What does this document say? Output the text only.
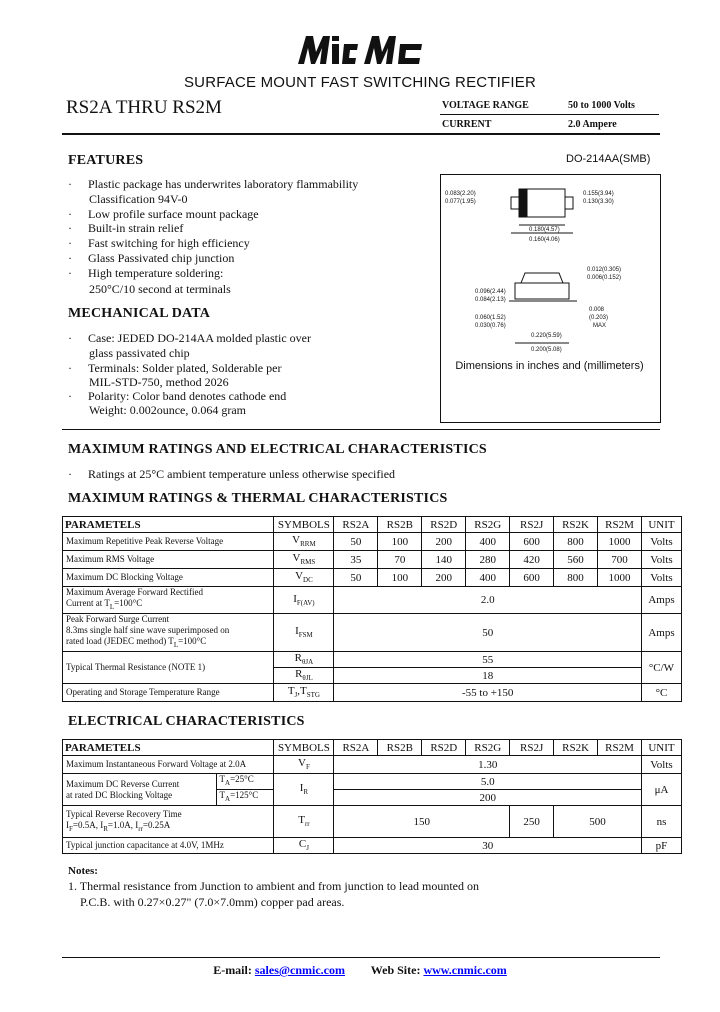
SURFACE MOUNT FAST SWITCHING RECTIFIER
RS2A THRU RS2M	VOLTAGE RANGE	50 to 1000 Volts
CURRENT	2.0 Ampere
FEATURES
· Plastic package has underwrites laboratory flammability
Classification 94V-0
· Low profile surface mount package
· Built-in strain relief
· Fast switching for high efficiency
· Glass Passivated chip junction
· High temperature soldering:
250°C/10 second at terminals
MECHANICAL DATA
· Case: JEDED DO-214AA molded plastic over
glass passivated chip
· Terminals: Solder plated, Solderable per
MIL-STD-750, method 2026
· Polarity: Color band denotes cathode end
Weight: 0.002ounce, 0.064 gram
DO-214AA(SMB)
0.083(2.20)
0.077(1.95)
0.155(3.94)
0.130(3.30)
0.180(4.57)
0.160(4.06)
0.012(0.305)
0.006(0.152)
0.096(2.44)
0.084(2.13)
0.060(1.52)
0.030(0.76)
0.008
(0.203)
MAX
0.220(5.59)
0.200(5.08)
Dimensions in inches and (millimeters)
MAXIMUM RATINGS AND ELECTRICAL CHARACTERISTICS
· Ratings at 25°C ambient temperature unless otherwise specified
MAXIMUM RATINGS & THERMAL CHARACTERISTICS
PARAMETELS	SYMBOLS	RS2A	RS2B	RS2D	RS2G	RS2J	RS2K	RS2M	UNIT
Maximum Repetitive Peak Reverse Voltage	$V_{RRM}$	50	100	200	400	600	800	1000	Volts
Maximum RMS Voltage	$V_{RMS}$	35	70	140	280	420	560	700	Volts
Maximum DC Blocking Voltage	$V_{DC}$	50	100	200	400	600	800	1000	Volts
Maximum Average Forward Rectified
Current at $T_L=100^\circ C$	$I_{F(AV)}$	2.0							Amps
Peak Forward Surge Current
8.3ms single half sine wave superimposed on
rated load (JEDEC method) $T_L=100^\circ C$	$I_{FSM}$	50							Amps
Typical Thermal Resistance (NOTE 1)	$R_{\theta JA}$	55							°C/W
	$R_{\theta JL}$	18							
Operating and Storage Temperature Range	$T_J,T_{STG}$	-55 to +150							°C
ELECTRICAL CHARACTERISTICS
PARAMETELS		SYMBOLS	RS2A	RS2B	RS2D	RS2G	RS2J	RS2K	RS2M	UNIT
Maximum Instantaneous Forward Voltage at 2.0A		$V_F$	1.30							Volts
Maximum DC Reverse Current
at rated DC Blocking Voltage	$T_A=25^\circ C$	$I_R$	5.0							μA
	$T_A=125^\circ C$		200							
Typical Reverse Recovery Time
$I_F=0.5A$, $I_R=1.0A$, $I_{rr}=0.25A$		$T_{rr}$	150				250	500		ns
Typical junction capacitance at 4.0V, 1MHz		$C_J$	30							pF
Notes:
1. Thermal resistance from Junction to ambient and from junction to lead mounted on
P.C.B. with 0.27×0.27" (7.0×7.0mm) copper pad areas.
E-mail: sales@cnmic.com Web Site: www.cnmic.com
